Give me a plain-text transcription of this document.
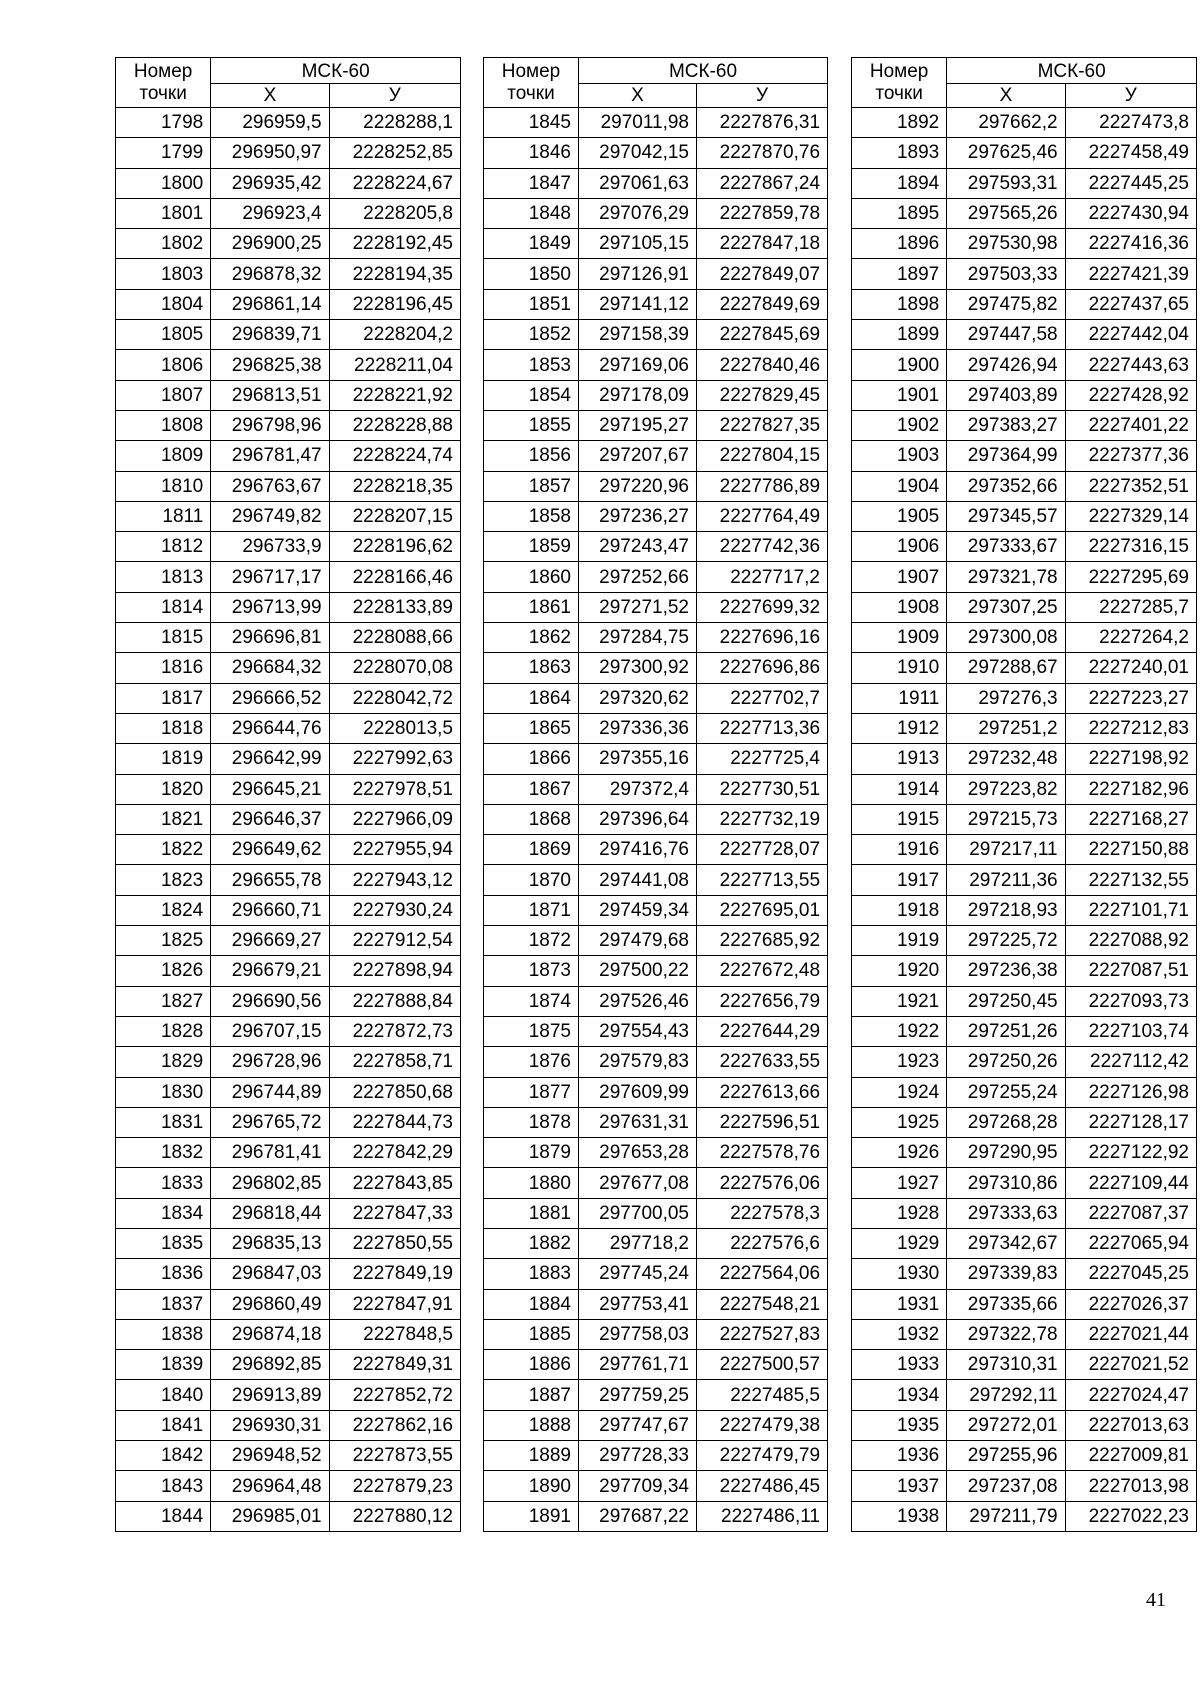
Номер
точки	МСК-60	
	Х	У
1798	296959,5	2228288,1
1799	296950,97	2228252,85
1800	296935,42	2228224,67
1801	296923,4	2228205,8
1802	296900,25	2228192,45
1803	296878,32	2228194,35
1804	296861,14	2228196,45
1805	296839,71	2228204,2
1806	296825,38	2228211,04
1807	296813,51	2228221,92
1808	296798,96	2228228,88
1809	296781,47	2228224,74
1810	296763,67	2228218,35
1811	296749,82	2228207,15
1812	296733,9	2228196,62
1813	296717,17	2228166,46
1814	296713,99	2228133,89
1815	296696,81	2228088,66
1816	296684,32	2228070,08
1817	296666,52	2228042,72
1818	296644,76	2228013,5
1819	296642,99	2227992,63
1820	296645,21	2227978,51
1821	296646,37	2227966,09
1822	296649,62	2227955,94
1823	296655,78	2227943,12
1824	296660,71	2227930,24
1825	296669,27	2227912,54
1826	296679,21	2227898,94
1827	296690,56	2227888,84
1828	296707,15	2227872,73
1829	296728,96	2227858,71
1830	296744,89	2227850,68
1831	296765,72	2227844,73
1832	296781,41	2227842,29
1833	296802,85	2227843,85
1834	296818,44	2227847,33
1835	296835,13	2227850,55
1836	296847,03	2227849,19
1837	296860,49	2227847,91
1838	296874,18	2227848,5
1839	296892,85	2227849,31
1840	296913,89	2227852,72
1841	296930,31	2227862,16
1842	296948,52	2227873,55
1843	296964,48	2227879,23
1844	296985,01	2227880,12
Номер
точки	МСК-60	
	Х	У
1845	297011,98	2227876,31
1846	297042,15	2227870,76
1847	297061,63	2227867,24
1848	297076,29	2227859,78
1849	297105,15	2227847,18
1850	297126,91	2227849,07
1851	297141,12	2227849,69
1852	297158,39	2227845,69
1853	297169,06	2227840,46
1854	297178,09	2227829,45
1855	297195,27	2227827,35
1856	297207,67	2227804,15
1857	297220,96	2227786,89
1858	297236,27	2227764,49
1859	297243,47	2227742,36
1860	297252,66	2227717,2
1861	297271,52	2227699,32
1862	297284,75	2227696,16
1863	297300,92	2227696,86
1864	297320,62	2227702,7
1865	297336,36	2227713,36
1866	297355,16	2227725,4
1867	297372,4	2227730,51
1868	297396,64	2227732,19
1869	297416,76	2227728,07
1870	297441,08	2227713,55
1871	297459,34	2227695,01
1872	297479,68	2227685,92
1873	297500,22	2227672,48
1874	297526,46	2227656,79
1875	297554,43	2227644,29
1876	297579,83	2227633,55
1877	297609,99	2227613,66
1878	297631,31	2227596,51
1879	297653,28	2227578,76
1880	297677,08	2227576,06
1881	297700,05	2227578,3
1882	297718,2	2227576,6
1883	297745,24	2227564,06
1884	297753,41	2227548,21
1885	297758,03	2227527,83
1886	297761,71	2227500,57
1887	297759,25	2227485,5
1888	297747,67	2227479,38
1889	297728,33	2227479,79
1890	297709,34	2227486,45
1891	297687,22	2227486,11
Номер
точки	МСК-60	
	Х	У
1892	297662,2	2227473,8
1893	297625,46	2227458,49
1894	297593,31	2227445,25
1895	297565,26	2227430,94
1896	297530,98	2227416,36
1897	297503,33	2227421,39
1898	297475,82	2227437,65
1899	297447,58	2227442,04
1900	297426,94	2227443,63
1901	297403,89	2227428,92
1902	297383,27	2227401,22
1903	297364,99	2227377,36
1904	297352,66	2227352,51
1905	297345,57	2227329,14
1906	297333,67	2227316,15
1907	297321,78	2227295,69
1908	297307,25	2227285,7
1909	297300,08	2227264,2
1910	297288,67	2227240,01
1911	297276,3	2227223,27
1912	297251,2	2227212,83
1913	297232,48	2227198,92
1914	297223,82	2227182,96
1915	297215,73	2227168,27
1916	297217,11	2227150,88
1917	297211,36	2227132,55
1918	297218,93	2227101,71
1919	297225,72	2227088,92
1920	297236,38	2227087,51
1921	297250,45	2227093,73
1922	297251,26	2227103,74
1923	297250,26	2227112,42
1924	297255,24	2227126,98
1925	297268,28	2227128,17
1926	297290,95	2227122,92
1927	297310,86	2227109,44
1928	297333,63	2227087,37
1929	297342,67	2227065,94
1930	297339,83	2227045,25
1931	297335,66	2227026,37
1932	297322,78	2227021,44
1933	297310,31	2227021,52
1934	297292,11	2227024,47
1935	297272,01	2227013,63
1936	297255,96	2227009,81
1937	297237,08	2227013,98
1938	297211,79	2227022,23
41
